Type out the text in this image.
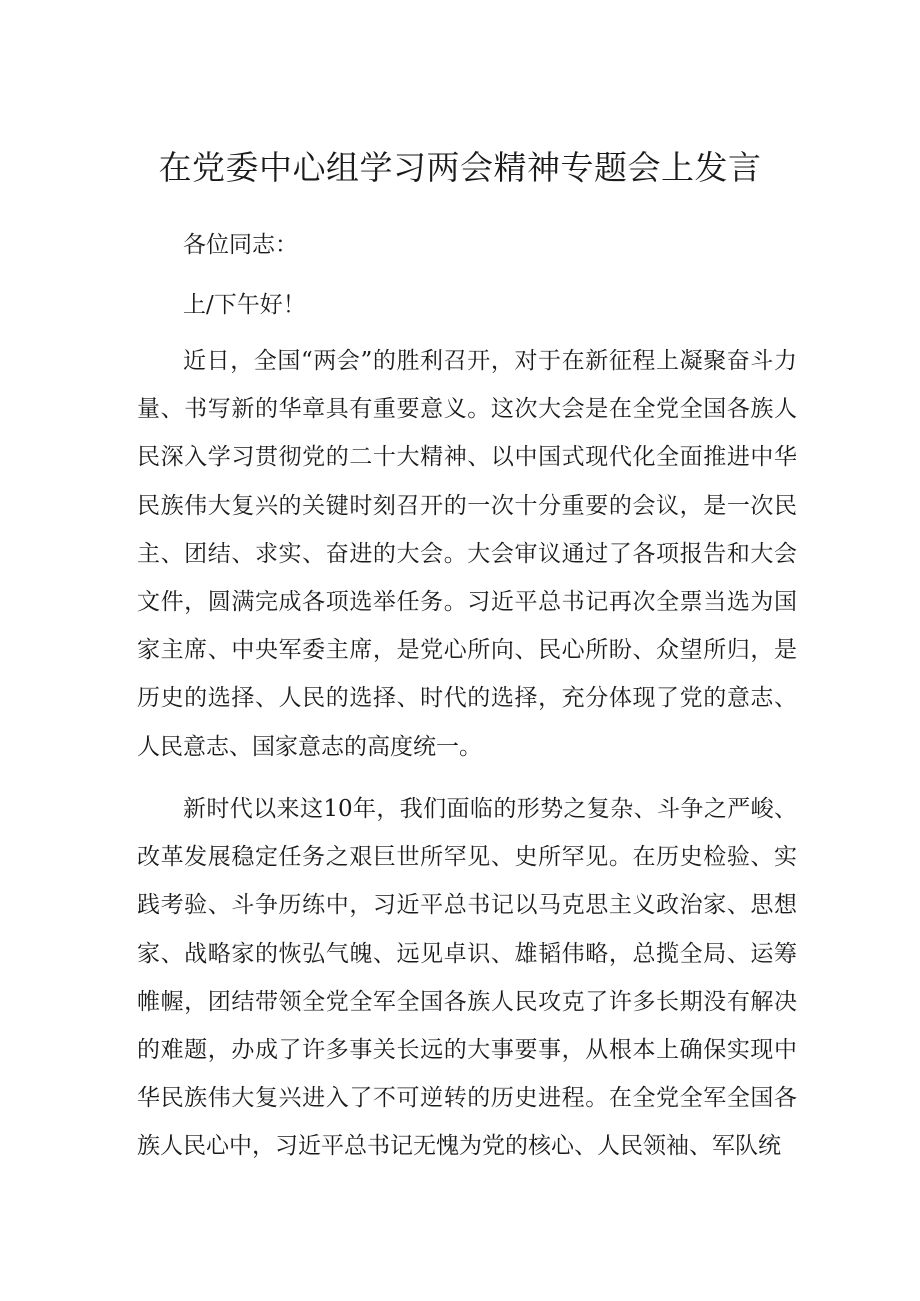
在党委中心组学习两会精神专题会上发言

各位同志：

上/下午好！

近日，全国“两会”的胜利召开，对于在新征程上凝聚奋斗力量、书写新的华章具有重要意义。这次大会是在全党全国各族人民深入学习贯彻党的二十大精神、以中国式现代化全面推进中华民族伟大复兴的关键时刻召开的一次十分重要的会议，是一次民主、团结、求实、奋进的大会。大会审议通过了各项报告和大会文件，圆满完成各项选举任务。习近平总书记再次全票当选为国家主席、中央军委主席，是党心所向、民心所盼、众望所归，是历史的选择、人民的选择、时代的选择，充分体现了党的意志、人民意志、国家意志的高度统一。

新时代以来这10年，我们面临的形势之复杂、斗争之严峻、改革发展稳定任务之艰巨世所罕见、史所罕见。在历史检验、实践考验、斗争历练中，习近平总书记以马克思主义政治家、思想家、战略家的恢弘气魄、远见卓识、雄韬伟略，总揽全局、运筹帷幄，团结带领全党全军全国各族人民攻克了许多长期没有解决的难题，办成了许多事关长远的大事要事，从根本上确保实现中华民族伟大复兴进入了不可逆转的历史进程。在全党全军全国各族人民心中，习近平总书记无愧为党的核心、人民领袖、军队统
